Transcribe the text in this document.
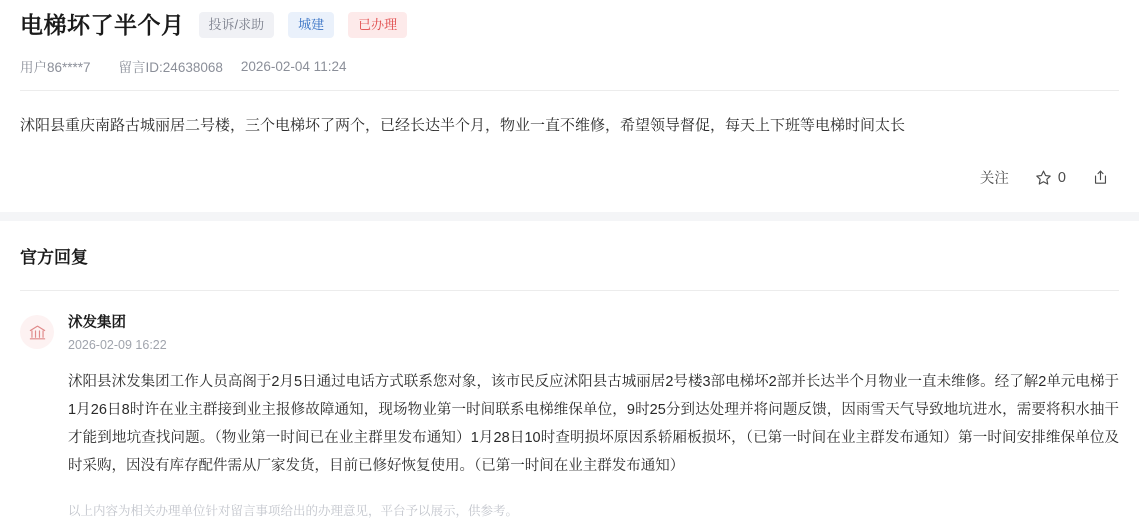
电梯坏了半个月	投诉/求助	城建	已办理
用户86****7 留言ID:24638068 2026-02-04 11:24
沭阳县重庆南路古城丽居二号楼，三个电梯坏了两个，已经长达半个月，物业一直不维修，希望领导督促，每天上下班等电梯时间太长
关注	0
官方回复
沭发集团
2026-02-09 16:22
沭阳县沭发集团工作人员高阁于2月5日通过电话方式联系您对象，该市民反应沭阳县古城丽居2号楼3部电梯坏2部并长达半个月物业一直未维修。经了解2单元电梯于1月26日8时许在业主群接到业主报修故障通知，现场物业第一时间联系电梯维保单位，9时25分到达处理并将问题反馈，因雨雪天气导致地坑进水，需要将积水抽干才能到地坑查找问题。（物业第一时间已在业主群里发布通知）1月28日10时查明损坏原因系轿厢板损坏，（已第一时间在业主群发布通知）第一时间安排维保单位及时采购，因没有库存配件需从厂家发货，目前已修好恢复使用。（已第一时间在业主群发布通知）
以上内容为相关办理单位针对留言事项给出的办理意见，平台予以展示，供参考。
